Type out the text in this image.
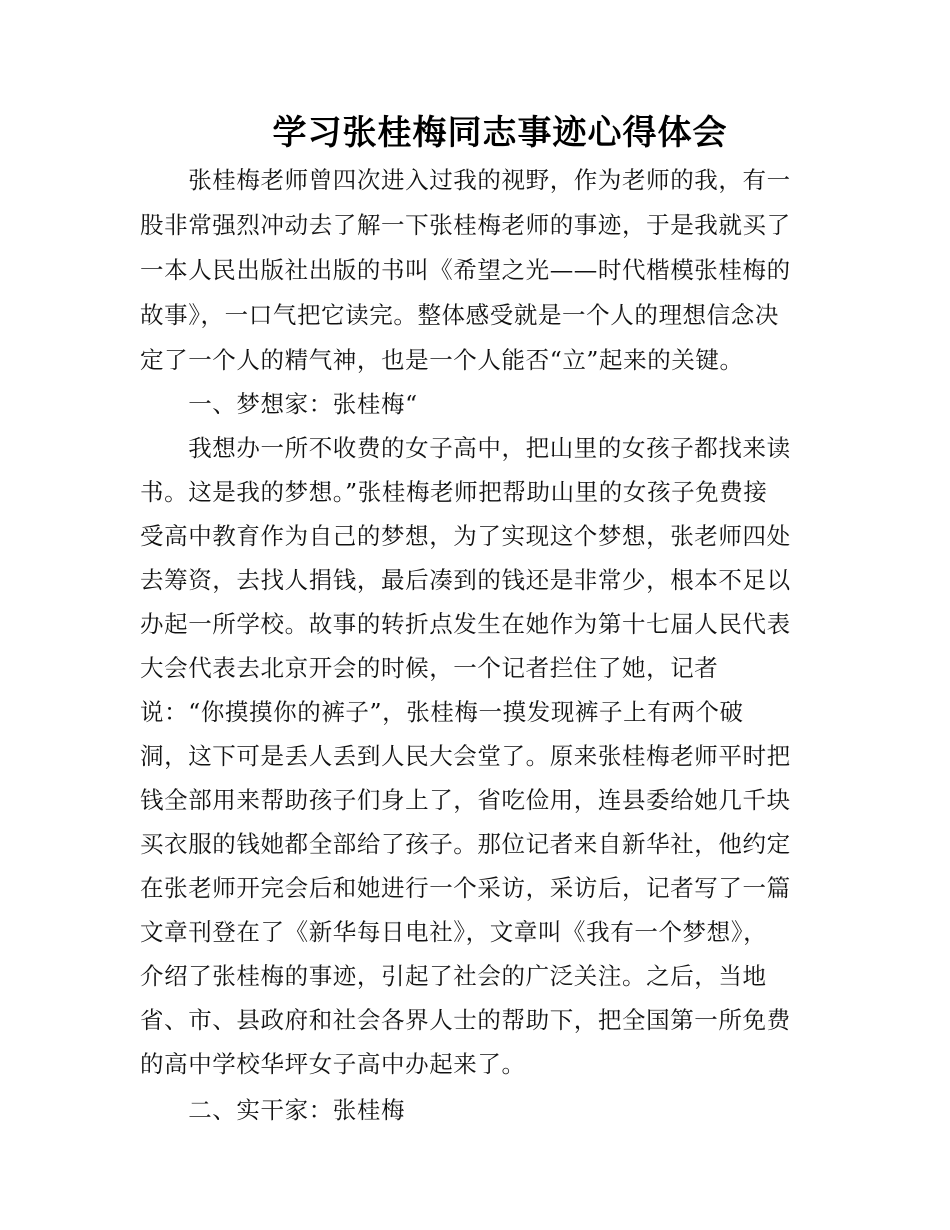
学习张桂梅同志事迹心得体会
　　张桂梅老师曾四次进入过我的视野，作为老师的我，有一
股非常强烈冲动去了解一下张桂梅老师的事迹，于是我就买了
一本人民出版社出版的书叫《希望之光——时代楷模张桂梅的
故事》，一口气把它读完。整体感受就是一个人的理想信念决
定了一个人的精气神，也是一个人能否“立”起来的关键。
　　一、梦想家：张桂梅“
　　我想办一所不收费的女子高中，把山里的女孩子都找来读
书。这是我的梦想。”张桂梅老师把帮助山里的女孩子免费接
受高中教育作为自己的梦想，为了实现这个梦想，张老师四处
去筹资，去找人捐钱，最后凑到的钱还是非常少，根本不足以
办起一所学校。故事的转折点发生在她作为第十七届人民代表
大会代表去北京开会的时候，一个记者拦住了她，记者
说：“你摸摸你的裤子”，张桂梅一摸发现裤子上有两个破
洞，这下可是丢人丢到人民大会堂了。原来张桂梅老师平时把
钱全部用来帮助孩子们身上了，省吃俭用，连县委给她几千块
买衣服的钱她都全部给了孩子。那位记者来自新华社，他约定
在张老师开完会后和她进行一个采访，采访后，记者写了一篇
文章刊登在了《新华每日电社》，文章叫《我有一个梦想》，
介绍了张桂梅的事迹，引起了社会的广泛关注。之后，当地
省、市、县政府和社会各界人士的帮助下，把全国第一所免费
的高中学校华坪女子高中办起来了。
　　二、实干家：张桂梅
